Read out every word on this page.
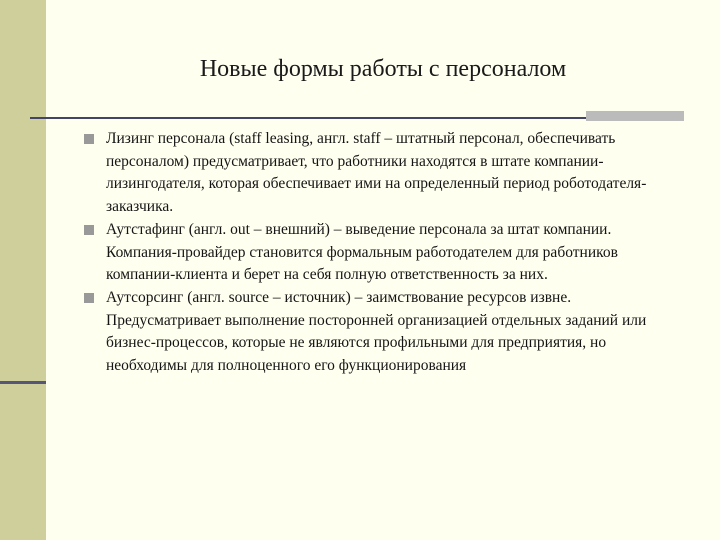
Новые формы работы с персоналом
Лизинг персонала (staff leasing, англ. staff – штатный персонал, обеспечивать персоналом) предусматривает, что работники находятся в штате компании-лизингодателя, которая обеспечивает ими на определенный период роботодателя-заказчика.
Аутстафинг (англ. out – внешний) – выведение персонала за штат компании. Компания-провайдер становится формальным работодателем для работников компании-клиента и берет на себя полную ответственность за них.
Аутсорсинг (англ. source – источник) – заимствование ресурсов извне. Предусматривает выполнение посторонней организацией отдельных заданий или бизнес-процессов, которые не являются профильными для предприятия, но необходимы для полноценного его функционирования
